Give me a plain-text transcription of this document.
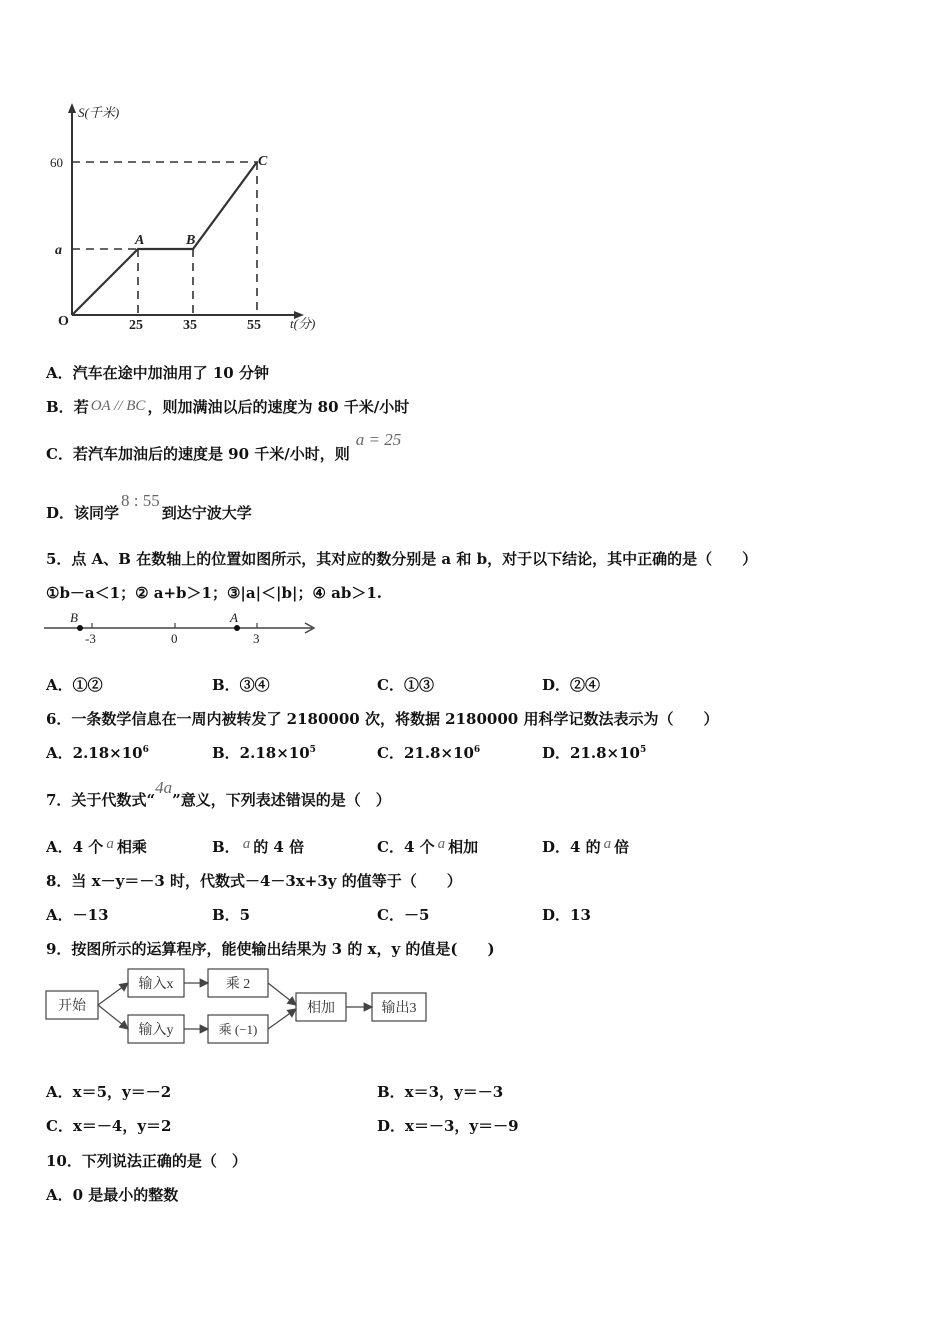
S(千米)
t(分)
60
a
O	25	35	55
A	B
C
A．汽车在途中加油用了 10 分钟
B．若 OA // BC ，则加满油以后的速度为 80 千米/小时
C．若汽车加油后的速度是 90 千米/小时，则a = 25
D．该同学8 : 55到达宁波大学
5．点 A、B 在数轴上的位置如图所示，其对应的数分别是 a 和 b，对于以下结论，其中正确的是（　　）
①b－a＜1；② a+b＞1；③|a|＜|b|；④ ab＞1.
B	A
-3	0	3
A．①②	B．③④	C．①③	D．②④
6．一条数学信息在一周内被转发了 2180000 次，将数据 2180000 用科学记数法表示为（　　）
A．$2.18\times 10^6$	B．$2.18\times 10^5$	C．$21.8\times 10^6$	D．$21.8\times 10^5$
7．关于代数式“4a”意义，下列表述错误的是（　）
A．4 个 a 相乘	B． a 的 4 倍	C．4 个 a 相加	D．4 的 a 倍
8．当 x－y＝－3 时，代数式－4－3x+3y 的值等于（　　）
A．－13	B．5	C．－5	D．13
9．按图所示的运算程序，能使输出结果为 3 的 x，y 的值是(　　)
开始
输入x	乘 2
输入y	乘 (−1)
相加	输出3
A．x＝5，y＝－2	B．x＝3，y＝－3
C．x＝－4，y＝2	D．x＝－3，y＝－9
10．下列说法正确的是（　）
A．0 是最小的整数
